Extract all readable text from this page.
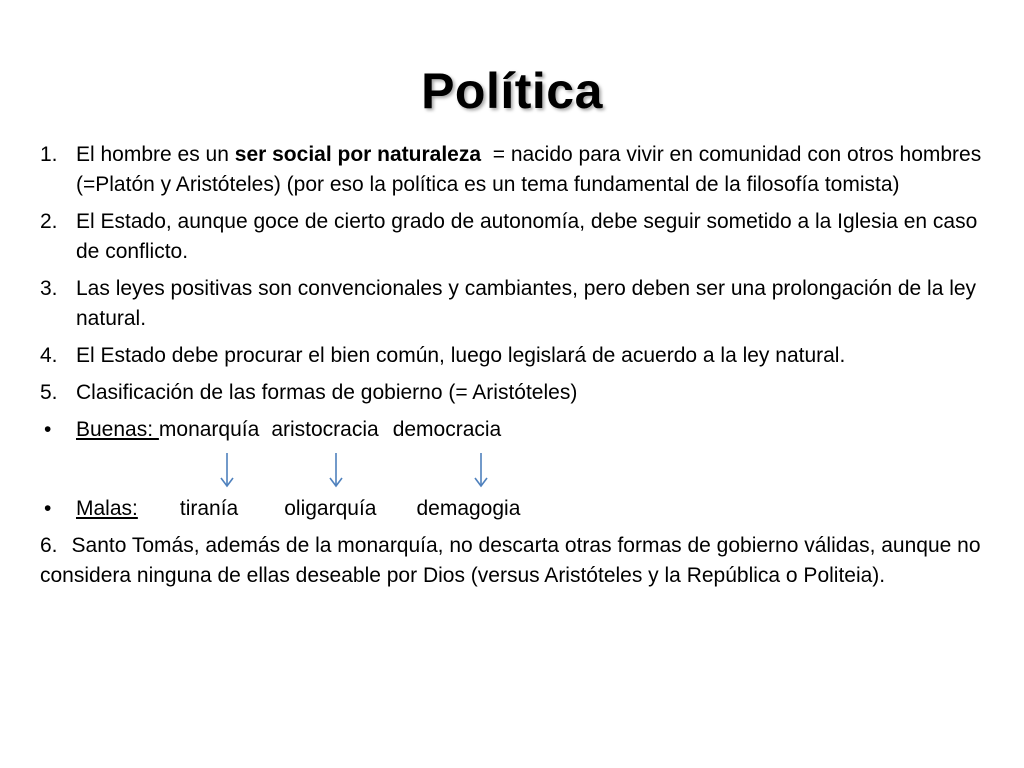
Política
1. El hombre es un ser social por naturaleza  = nacido para vivir en comunidad con otros hombres (=Platón y Aristóteles) (por eso la política es un tema fundamental de la filosofía tomista)
2. El Estado, aunque goce de cierto grado de autonomía, debe seguir sometido a la Iglesia en caso de conflicto.
3. Las leyes positivas son convencionales y cambiantes, pero deben ser una prolongación de la ley natural.
4. El Estado debe procurar el bien común, luego legislará de acuerdo a la ley natural.
5. Clasificación de las formas de gobierno (= Aristóteles)
• Buenas: monarquía aristocracia democracia
• Malas: tiranía oligarquía demagogia
6. Santo Tomás, además de la monarquía, no descarta otras formas de gobierno válidas, aunque no considera ninguna de ellas deseable por Dios (versus Aristóteles y la República o Politeia).
